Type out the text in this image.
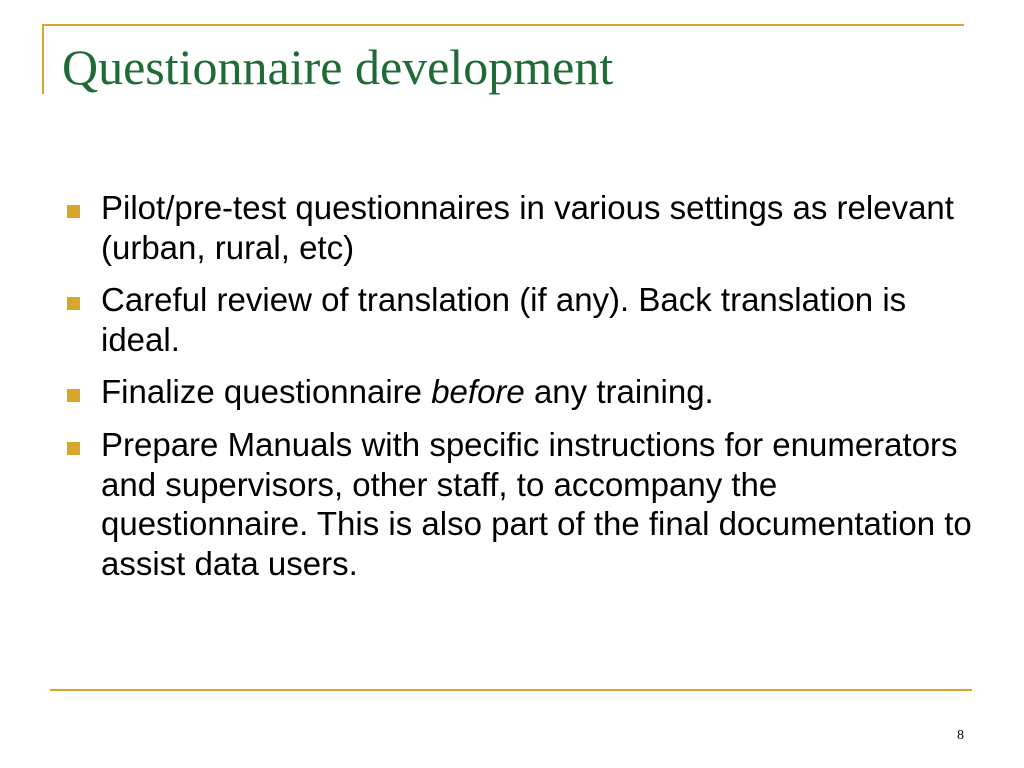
Questionnaire development
Pilot/pre-test questionnaires in various settings as relevant (urban, rural, etc)
Careful review of translation (if any). Back translation is ideal.
Finalize questionnaire before any training.
Prepare Manuals with specific instructions for enumerators and supervisors, other staff, to accompany the questionnaire. This is also part of the final documentation to assist data users.
8
